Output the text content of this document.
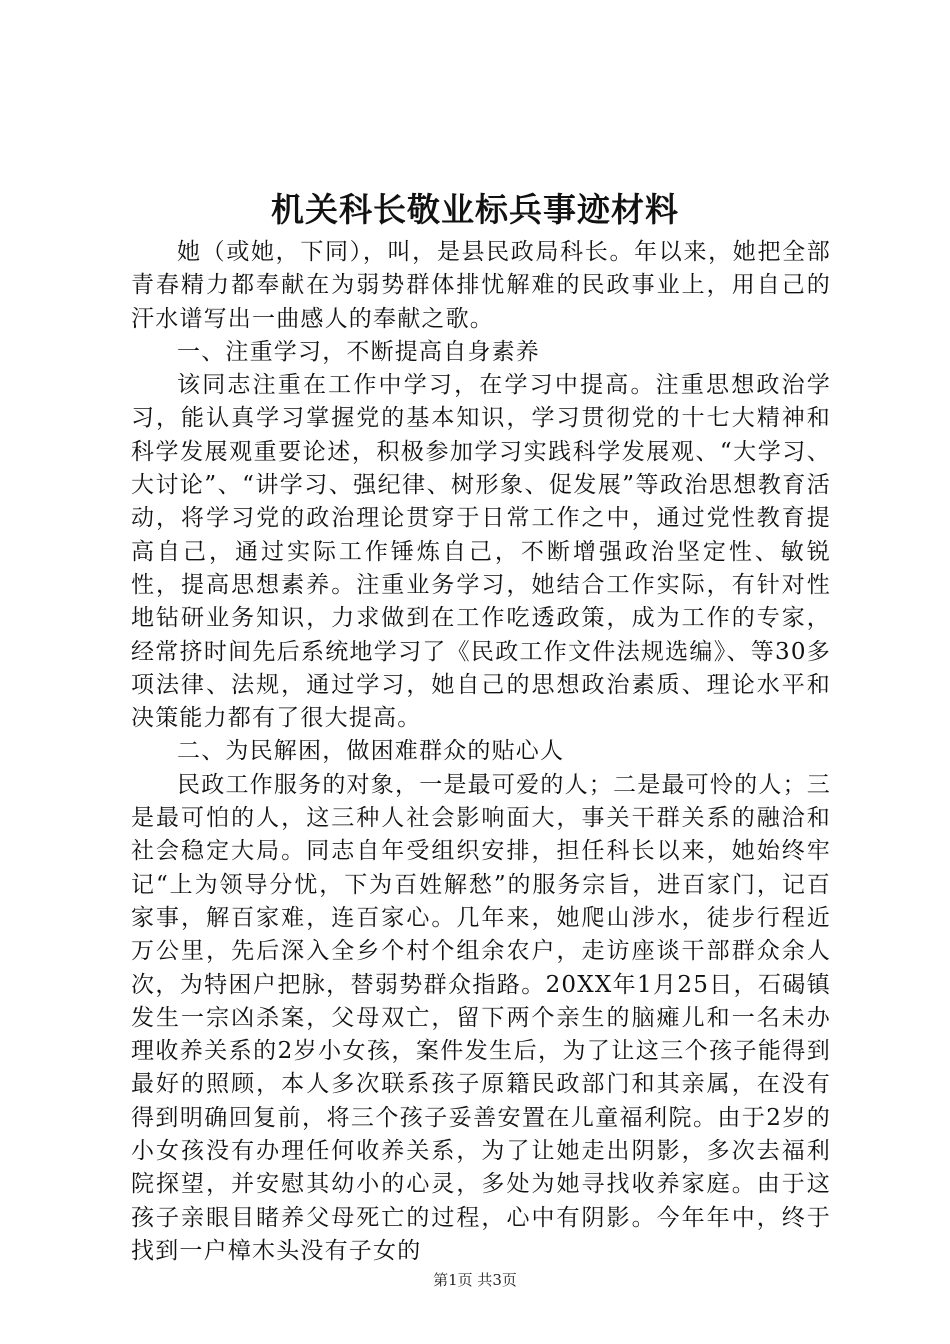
机关科长敬业标兵事迹材料

她（或她，下同），叫，是县民政局科长。年以来，她把全部青春精力都奉献在为弱势群体排忧解难的民政事业上，用自己的汗水谱写出一曲感人的奉献之歌。

一、注重学习，不断提高自身素养

该同志注重在工作中学习，在学习中提高。注重思想政治学习，能认真学习掌握党的基本知识，学习贯彻党的十七大精神和科学发展观重要论述，积极参加学习实践科学发展观、“大学习、大讨论”、“讲学习、强纪律、树形象、促发展”等政治思想教育活动，将学习党的政治理论贯穿于日常工作之中，通过党性教育提高自己，通过实际工作锤炼自己，不断增强政治坚定性、敏锐性，提高思想素养。注重业务学习，她结合工作实际，有针对性地钻研业务知识，力求做到在工作吃透政策，成为工作的专家，经常挤时间先后系统地学习了《民政工作文件法规选编》、等30多项法律、法规，通过学习，她自己的思想政治素质、理论水平和决策能力都有了很大提高。

二、为民解困，做困难群众的贴心人

民政工作服务的对象，一是最可爱的人；二是最可怜的人；三是最可怕的人，这三种人社会影响面大，事关干群关系的融洽和社会稳定大局。同志自年受组织安排，担任科长以来，她始终牢记“上为领导分忧，下为百姓解愁”的服务宗旨，进百家门，记百家事，解百家难，连百家心。几年来，她爬山涉水，徒步行程近万公里，先后深入全乡个村个组余农户，走访座谈干部群众余人次，为特困户把脉，替弱势群众指路。20XX年1月25日，石碣镇发生一宗凶杀案，父母双亡，留下两个亲生的脑瘫儿和一名未办理收养关系的2岁小女孩，案件发生后，为了让这三个孩子能得到最好的照顾，本人多次联系孩子原籍民政部门和其亲属，在没有得到明确回复前，将三个孩子妥善安置在儿童福利院。由于2岁的小女孩没有办理任何收养关系，为了让她走出阴影，多次去福利院探望，并安慰其幼小的心灵，多处为她寻找收养家庭。由于这孩子亲眼目睹养父母死亡的过程，心中有阴影。今年年中，终于找到一户樟木头没有子女的

第1页 共3页
